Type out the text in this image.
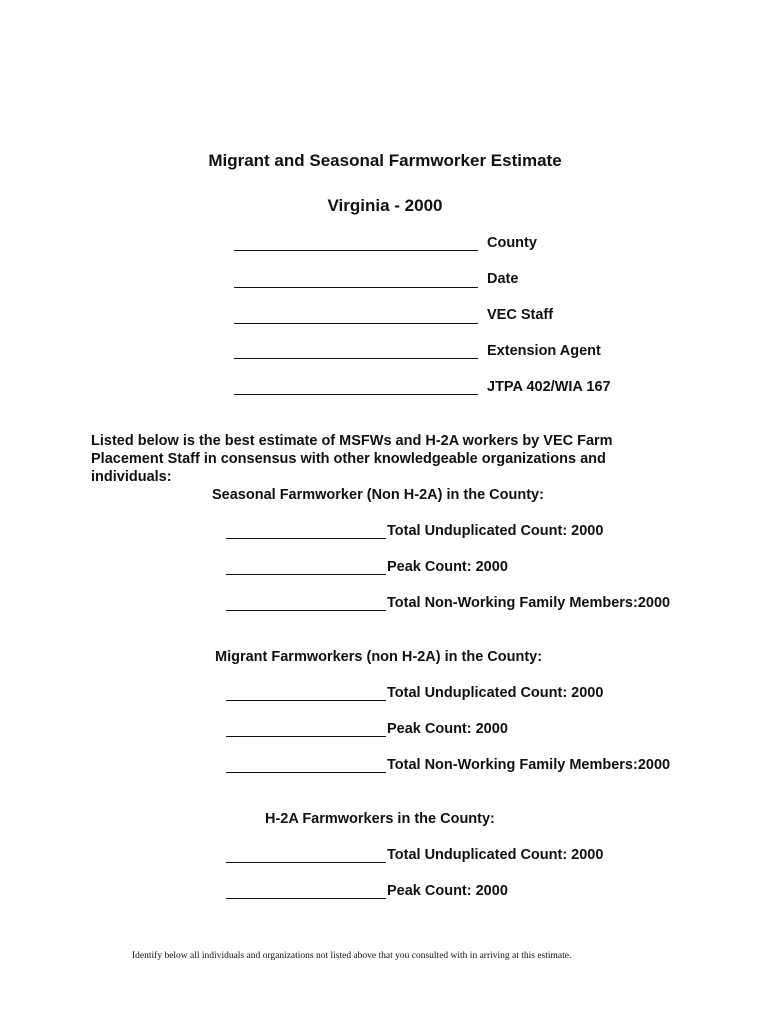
Migrant and Seasonal Farmworker Estimate
Virginia - 2000
County
Date
VEC Staff
Extension Agent
JTPA 402/WIA 167
Listed below is the best estimate of MSFWs and H-2A workers by VEC Farm Placement Staff in consensus with other knowledgeable organizations and individuals:
Seasonal Farmworker (Non H-2A) in the County:
Total Unduplicated Count: 2000
Peak Count: 2000
Total Non-Working Family Members:2000
Migrant Farmworkers (non H-2A) in the County:
Total Unduplicated Count: 2000
Peak Count: 2000
Total Non-Working Family Members:2000
H-2A Farmworkers in the County:
Total Unduplicated Count: 2000
Peak Count: 2000
Identify below all individuals and organizations not listed above that you consulted with in arriving at this estimate.
